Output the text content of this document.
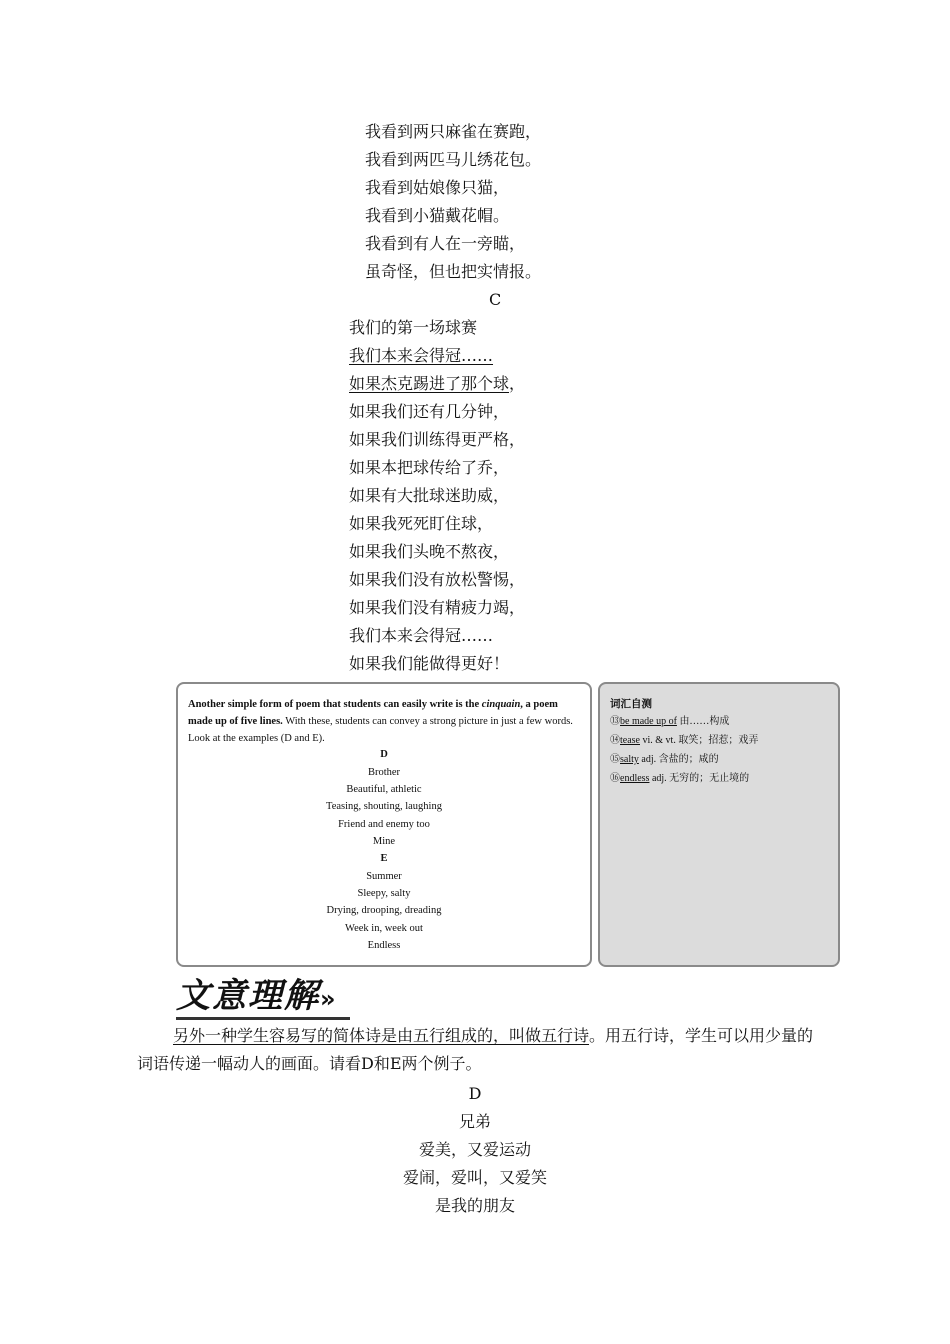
我看到两只麻雀在赛跑，
我看到两匹马儿绣花包。
我看到姑娘像只猫，
我看到小猫戴花帽。
我看到有人在一旁瞄，
虽奇怪，但也把实情报。
C
我们的第一场球赛
我们本来会得冠……
如果杰克踢进了那个球，
如果我们还有几分钟，
如果我们训练得更严格，
如果本把球传给了乔，
如果有大批球迷助威，
如果我死死盯住球，
如果我们头晚不熬夜，
如果我们没有放松警惕，
如果我们没有精疲力竭，
我们本来会得冠……
如果我们能做得更好！
Another simple form of poem that students can easily write is the cinquain, a poem made up of five lines. With these, students can convey a strong picture in just a few words. Look at the examples (D and E).
D
Brother
Beautiful, athletic
Teasing, shouting, laughing
Friend and enemy too
Mine
E
Summer
Sleepy, salty
Drying, drooping, dreading
Week in, week out
Endless
词汇自测
⑬be made up of 由……构成
⑭tease vi. & vt. 取笑；招惹；戏弄
⑮salty adj. 含盐的；咸的
⑯endless adj. 无穷的；无止境的
文意理解»
另外一种学生容易写的简体诗是由五行组成的，叫做五行诗。用五行诗，学生可以用少量的词语传递一幅动人的画面。请看D和E两个例子。
D
兄弟
爱美，又爱运动
爱闹，爱叫，又爱笑
是我的朋友
